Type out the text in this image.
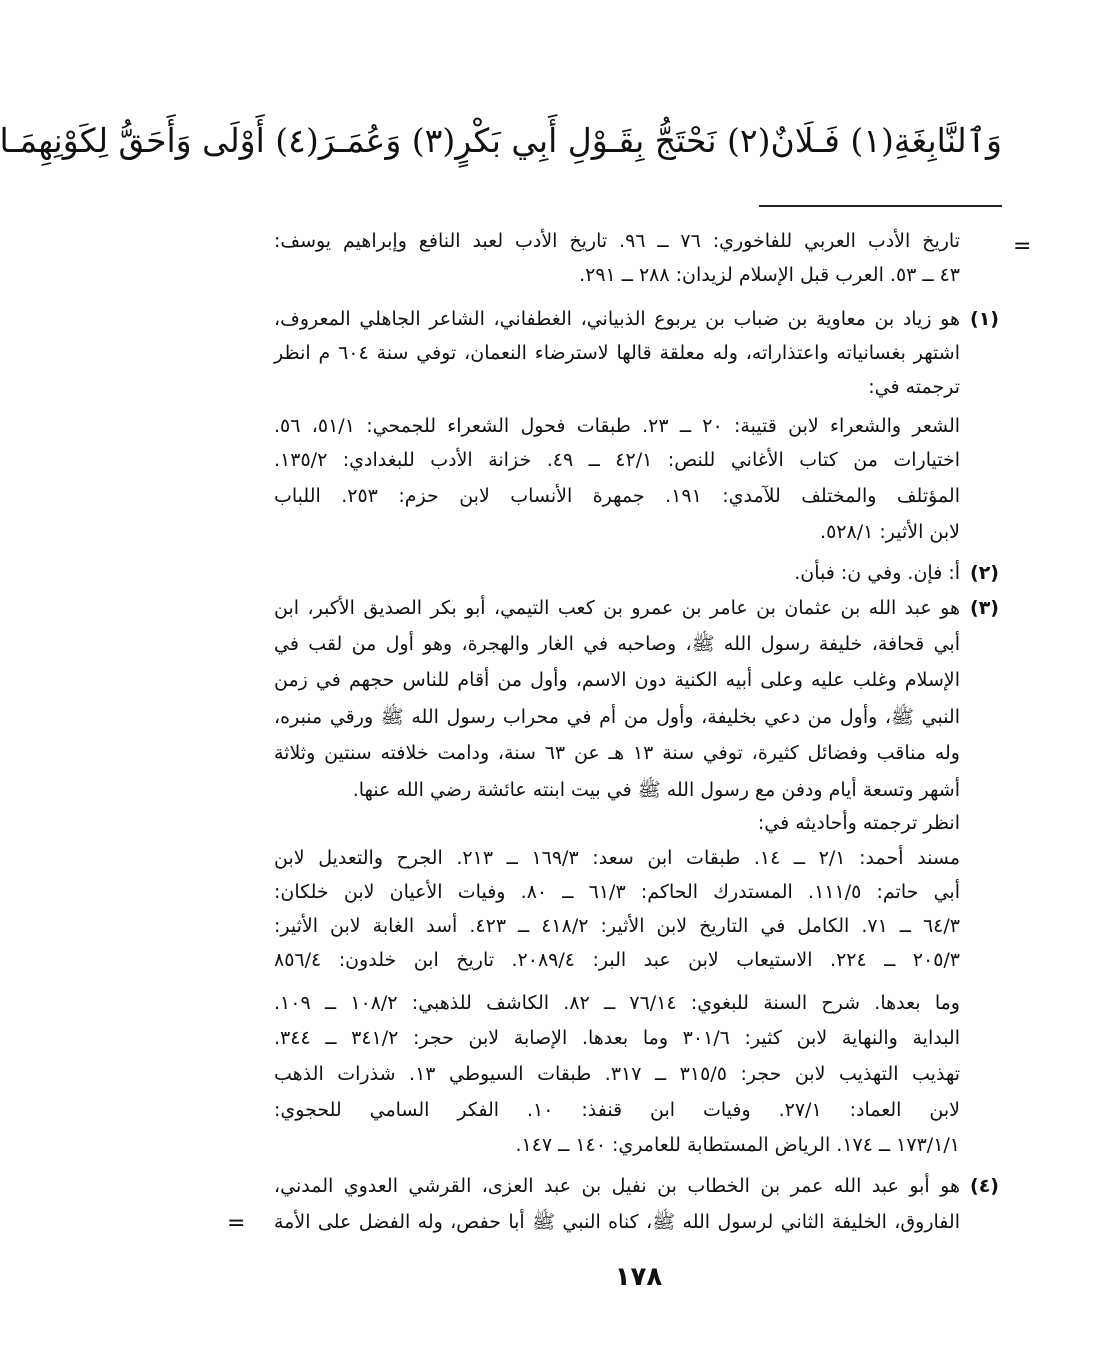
وَٱلنَّابِغَةِ(١) فَـلَانٌ(٢) نَحْتَجُّ بِقَـوْلِ أَبِي بَكْرٍ(٣) وَعُمَـرَ(٤) أَوْلَى وَأَحَقُّ لِكَوْنِهِمَـا
=
تاريخ الأدب العربي للفاخوري: ٧٦ ــ ٩٦. تاريخ الأدب لعبد النافع وإبراهيم يوسف:
٤٣ ــ ٥٣. العرب قبل الإسلام لزيدان: ٢٨٨ ــ ٢٩١.
(١)
هو زياد بن معاوية بن ضباب بن يربوع الذبياني، الغطفاني، الشاعر الجاهلي المعروف،
اشتهر بغسانياته واعتذاراته، وله معلقة قالها لاسترضاء النعمان، توفي سنة ٦٠٤ م انظر
ترجمته في:
الشعر والشعراء لابن قتيبة: ٢٠ ــ ٢٣. طبقات فحول الشعراء للجمحي: ٥١/١، ٥٦.
اختيارات من كتاب الأغاني للنص: ٤٢/١ ــ ٤٩. خزانة الأدب للبغدادي: ١٣٥/٢.
المؤتلف والمختلف للآمدي: ١٩١. جمهرة الأنساب لابن حزم: ٢٥٣. اللباب
لابن الأثير: ٥٢٨/١.
(٢)
أ: فإن. وفي ن: فبأن.
(٣)
هو عبد الله بن عثمان بن عامر بن عمرو بن كعب التيمي، أبو بكر الصديق الأكبر، ابن
أبي قحافة، خليفة رسول الله ﷺ، وصاحبه في الغار والهجرة، وهو أول من لقب في
الإسلام وغلب عليه وعلى أبيه الكنية دون الاسم، وأول من أقام للناس حجهم في زمن
النبي ﷺ، وأول من دعي بخليفة، وأول من أم في محراب رسول الله ﷺ ورقي منبره،
وله مناقب وفضائل كثيرة، توفي سنة ١٣ هـ عن ٦٣ سنة، ودامت خلافته سنتين وثلاثة
أشهر وتسعة أيام ودفن مع رسول الله ﷺ في بيت ابنته عائشة رضي الله عنها.
انظر ترجمته وأحاديثه في:
مسند أحمد: ٢/١ ــ ١٤. طبقات ابن سعد: ١٦٩/٣ ــ ٢١٣. الجرح والتعديل لابن
أبي حاتم: ١١١/٥. المستدرك الحاكم: ٦١/٣ ــ ٨٠. وفيات الأعيان لابن خلكان:
٦٤/٣ ــ ٧١. الكامل في التاريخ لابن الأثير: ٤١٨/٢ ــ ٤٢٣. أسد الغابة لابن الأثير:
٢٠٥/٣ ــ ٢٢٤. الاستيعاب لابن عبد البر: ٢٠٨٩/٤. تاريخ ابن خلدون: ٨٥٦/٤
وما بعدها. شرح السنة للبغوي: ٧٦/١٤ ــ ٨٢. الكاشف للذهبي: ١٠٨/٢ ــ ١٠٩.
البداية والنهاية لابن كثير: ٣٠١/٦ وما بعدها. الإصابة لابن حجر: ٣٤١/٢ ــ ٣٤٤.
تهذيب التهذيب لابن حجر: ٣١٥/٥ ــ ٣١٧. طبقات السيوطي ١٣. شذرات الذهب
لابن العماد: ٢٧/١. وفيات ابن قنفذ: ١٠. الفكر السامي للحجوي:
١٧٣/١/١ ــ ١٧٤. الرياض المستطابة للعامري: ١٤٠ ــ ١٤٧.
(٤)
هو أبو عبد الله عمر بن الخطاب بن نفيل بن عبد العزى، القرشي العدوي المدني،
الفاروق، الخليفة الثاني لرسول الله ﷺ، كناه النبي ﷺ أبا حفص، وله الفضل على الأمة
=
١٧٨
